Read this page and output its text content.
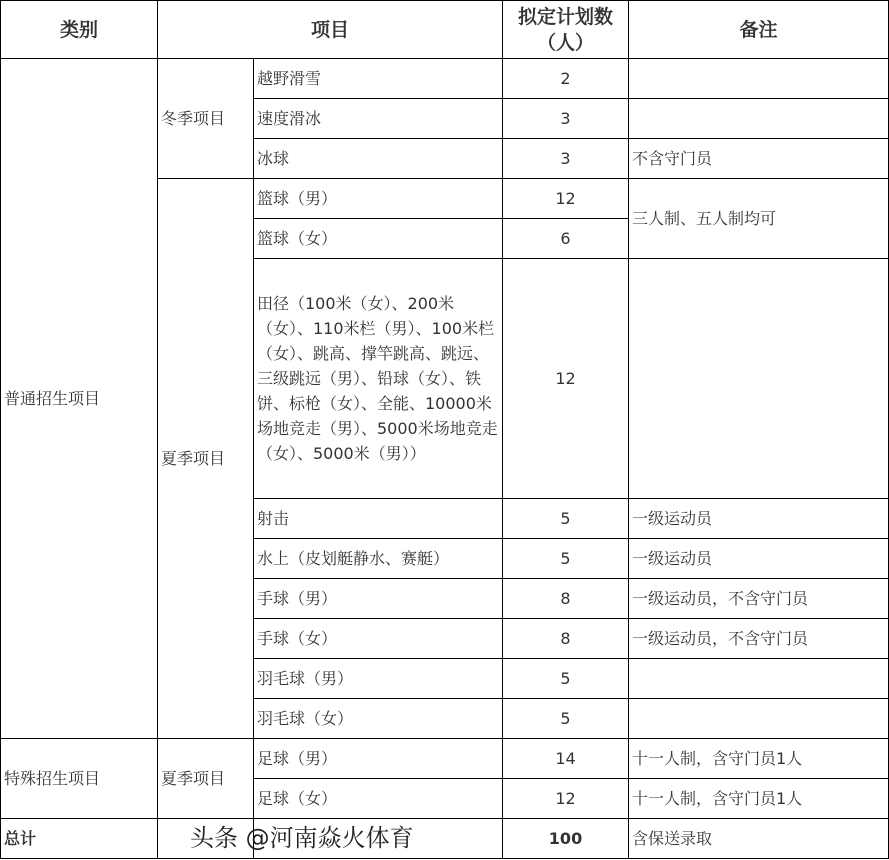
类别	项目		拟定计划数（人）	备注
普通招生项目	冬季项目	越野滑雪	2	
		速度滑冰	3	
		冰球	3	不含守门员
	夏季项目	篮球（男）	12	三人制、五人制均可
		篮球（女）	6	
		田径（100米（女）、200米（女）、110米栏（男）、100米栏（女）、跳高、撑竿跳高、跳远、三级跳远（男）、铅球（女）、铁饼、标枪（女）、全能、10000米场地竞走（男）、5000米场地竞走（女）、5000米（男））	12	
		射击	5	一级运动员
		水上（皮划艇静水、赛艇）	5	一级运动员
		手球（男）	8	一级运动员，不含守门员
		手球（女）	8	一级运动员，不含守门员
		羽毛球（男）	5	
		羽毛球（女）	5	
特殊招生项目	夏季项目	足球（男）	14	十一人制，含守门员1人
		足球（女）	12	十一人制，含守门员1人
总计			100	含保送录取
头条 @河南焱火体育
